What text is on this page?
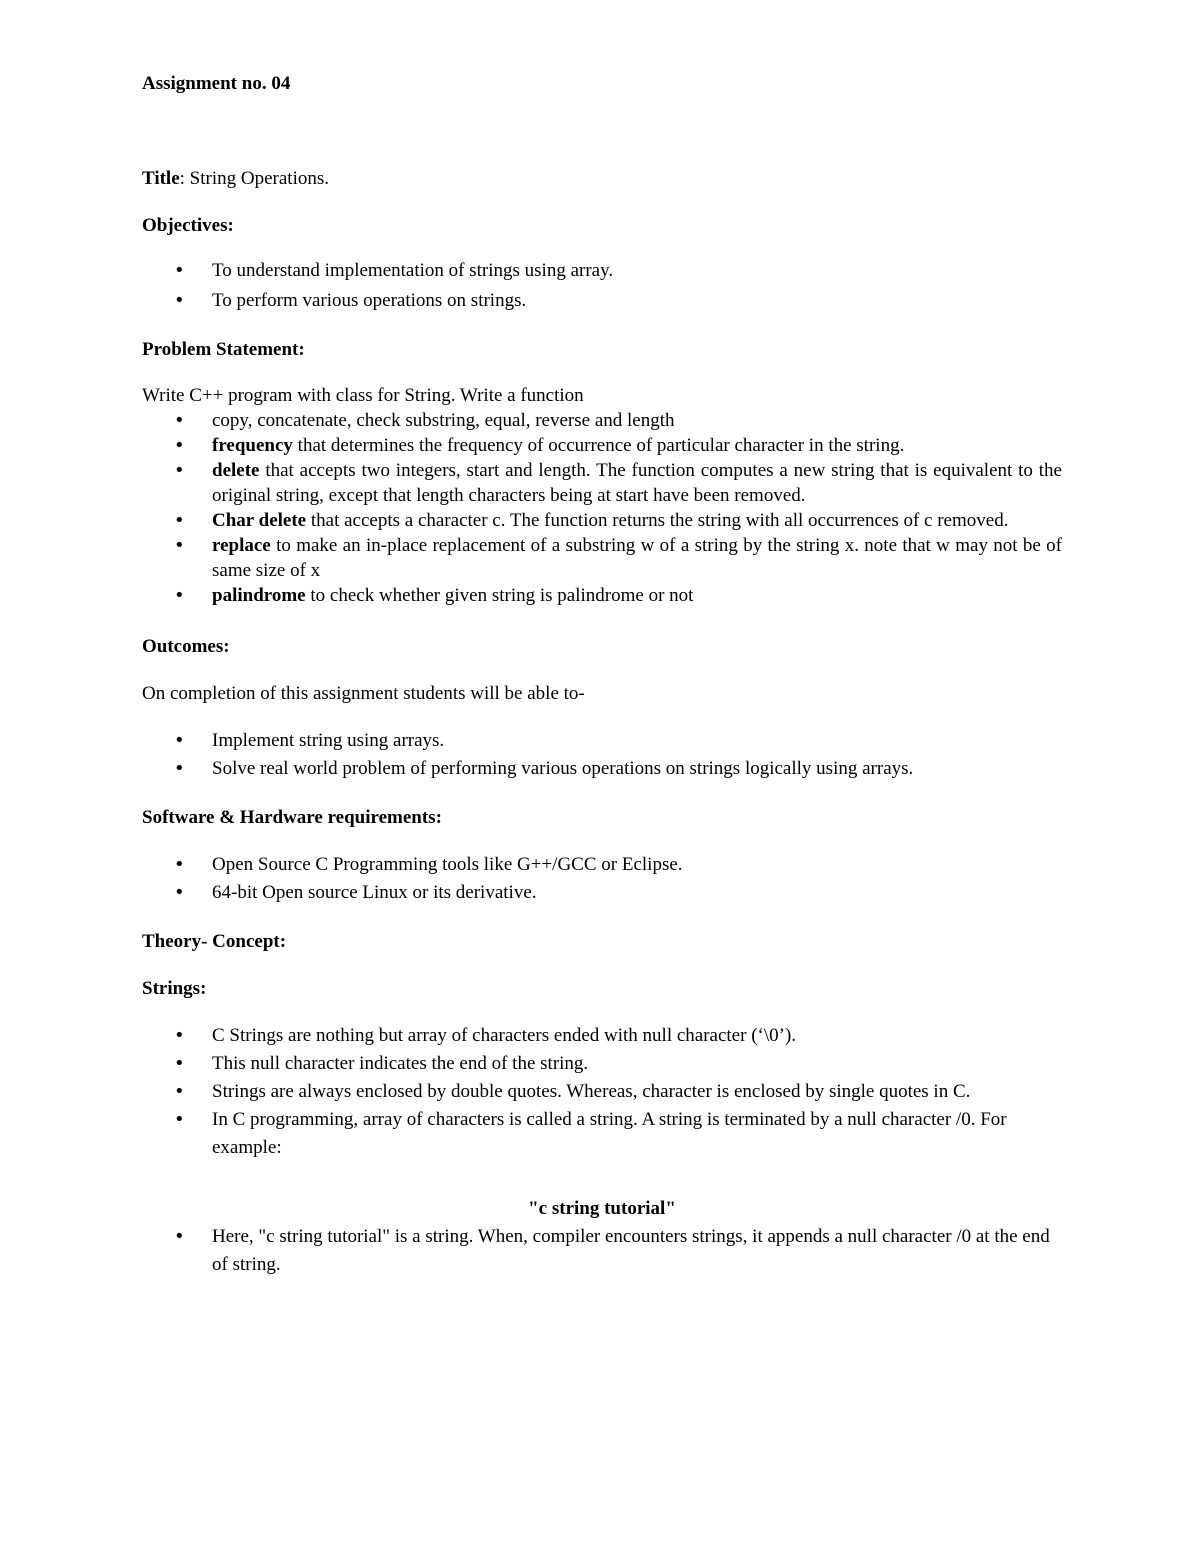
Assignment no. 04
Title: String Operations.
Objectives:
• To understand implementation of strings using array.
• To perform various operations on strings.
Problem Statement:
Write C++ program with class for String. Write a function
• copy, concatenate, check substring, equal, reverse and length
• frequency that determines the frequency of occurrence of particular character in the string.
• delete that accepts two integers, start and length. The function computes a new string that is equivalent to the original string, except that length characters being at start have been removed.
• Char delete that accepts a character c. The function returns the string with all occurrences of c removed.
• replace to make an in-place replacement of a substring w of a string by the string x. note that w may not be of same size of x
• palindrome to check whether given string is palindrome or not
Outcomes:
On completion of this assignment students will be able to-
• Implement string using arrays.
• Solve real world problem of performing various operations on strings logically using arrays.
Software & Hardware requirements:
• Open Source C Programming tools like G++/GCC or Eclipse.
• 64-bit Open source Linux or its derivative.
Theory- Concept:
Strings:
• C Strings are nothing but array of characters ended with null character (‘\0’).
• This null character indicates the end of the string.
• Strings are always enclosed by double quotes. Whereas, character is enclosed by single quotes in C.
• In C programming, array of characters is called a string. A string is terminated by a null character /0. For example:
"c string tutorial"
• Here, "c string tutorial" is a string. When, compiler encounters strings, it appends a null character /0 at the end of string.
